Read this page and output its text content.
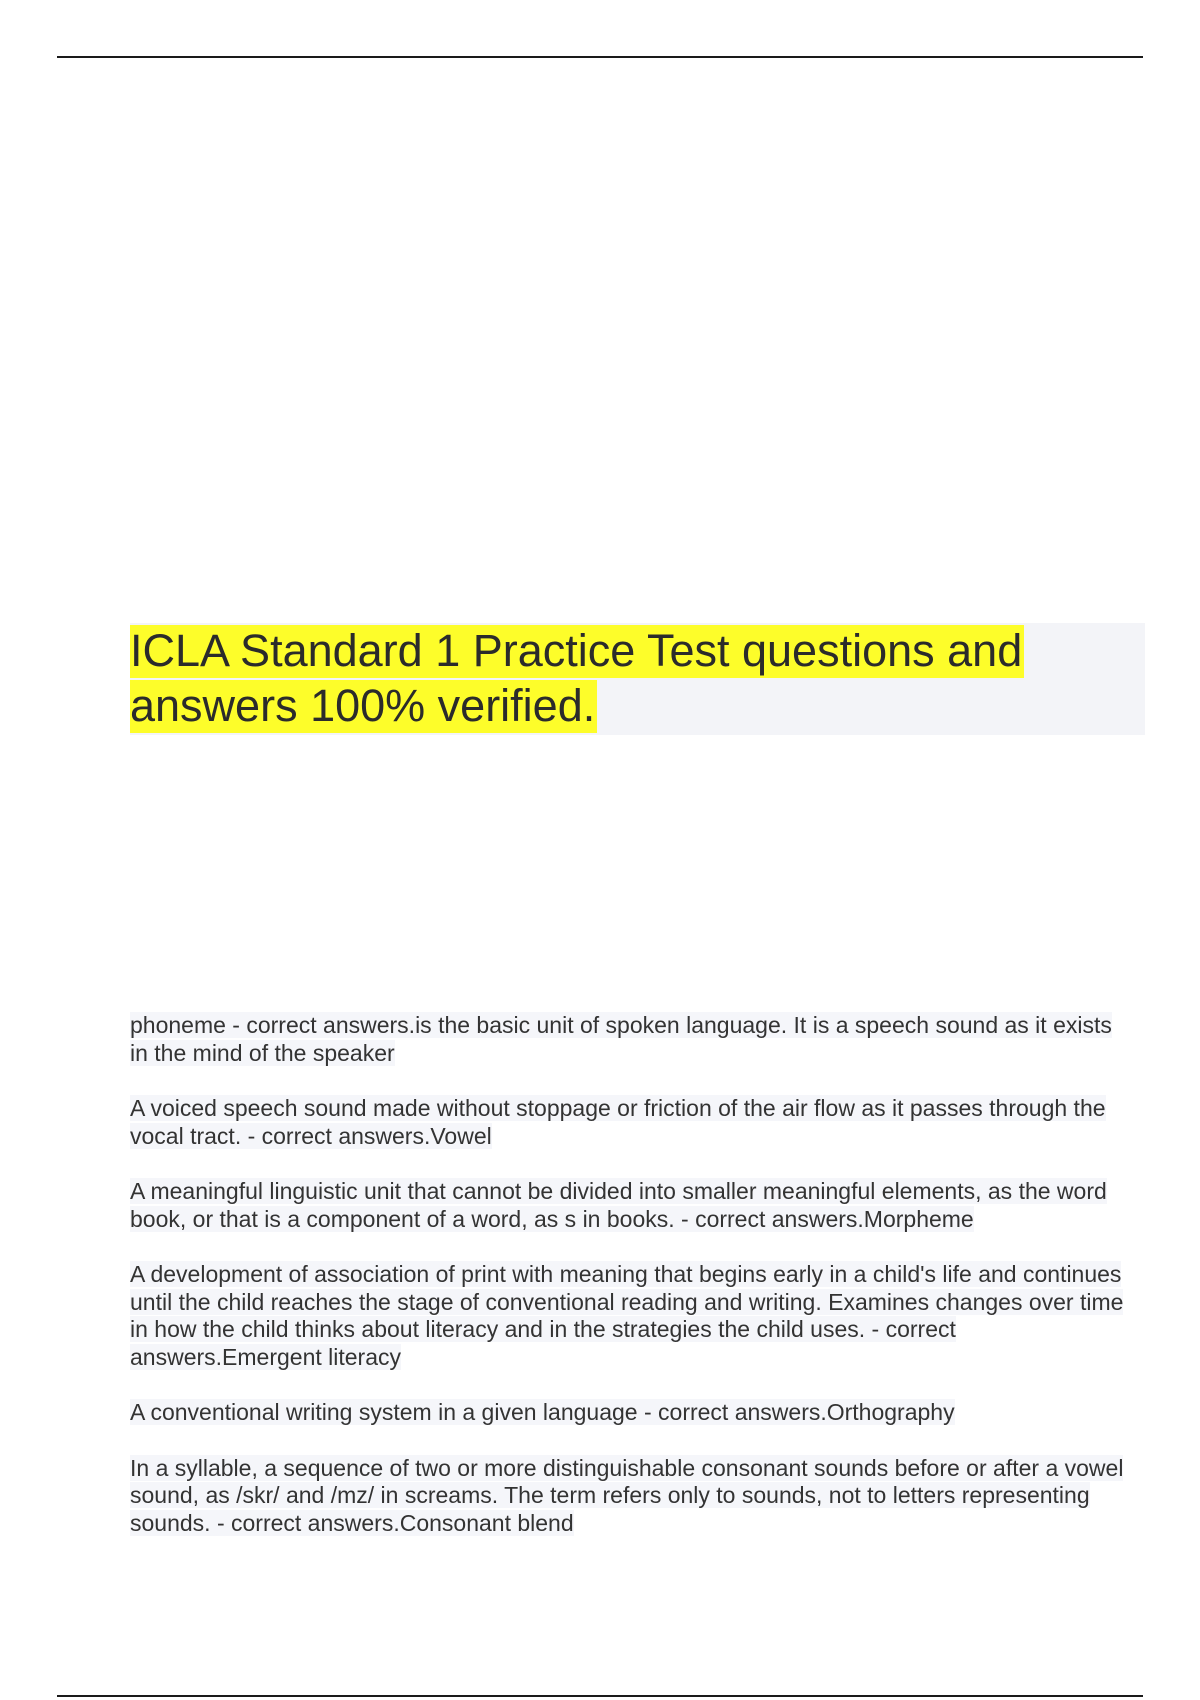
ICLA Standard 1 Practice Test questions and answers 100% verified.
phoneme - correct answers.is the basic unit of spoken language. It is a speech sound as it exists in the mind of the speaker
A voiced speech sound made without stoppage or friction of the air flow as it passes through the vocal tract. - correct answers.Vowel
A meaningful linguistic unit that cannot be divided into smaller meaningful elements, as the word book, or that is a component of a word, as s in books. - correct answers.Morpheme
A development of association of print with meaning that begins early in a child's life and continues until the child reaches the stage of conventional reading and writing. Examines changes over time in how the child thinks about literacy and in the strategies the child uses. - correct answers.Emergent literacy
A conventional writing system in a given language - correct answers.Orthography
In a syllable, a sequence of two or more distinguishable consonant sounds before or after a vowel sound, as /skr/ and /mz/ in screams. The term refers only to sounds, not to letters representing sounds. - correct answers.Consonant blend
